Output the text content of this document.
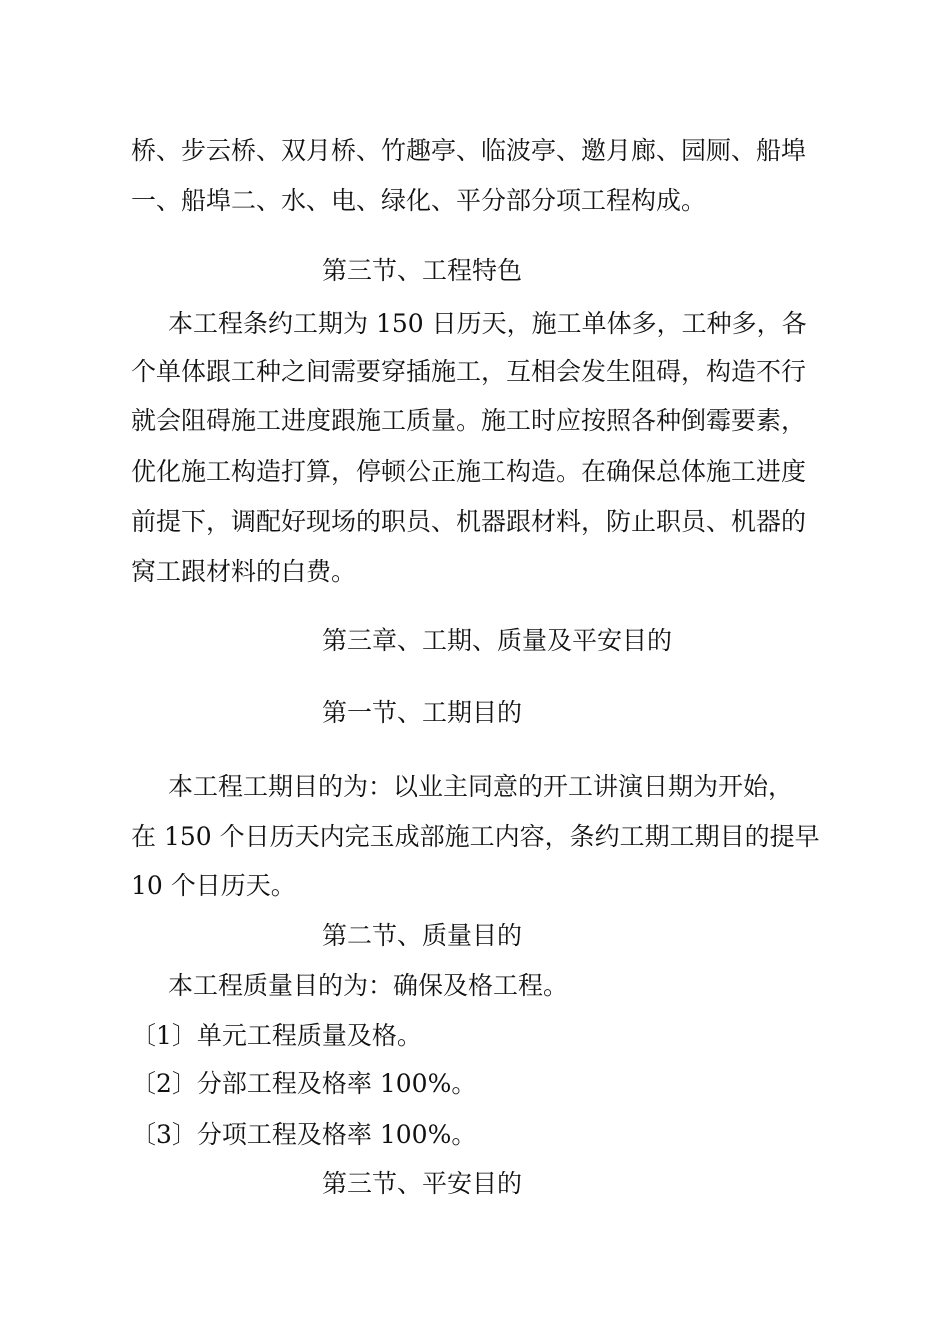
桥、步云桥、双月桥、竹趣亭、临波亭、邀月廊、园厕、船埠
一、船埠二、水、电、绿化、平分部分项工程构成。
第三节、工程特色
本工程条约工期为 150 日历天，施工单体多，工种多，各
个单体跟工种之间需要穿插施工，互相会发生阻碍，构造不行
就会阻碍施工进度跟施工质量。施工时应按照各种倒霉要素，
优化施工构造打算，停顿公正施工构造。在确保总体施工进度
前提下，调配好现场的职员、机器跟材料，防止职员、机器的
窝工跟材料的白费。
第三章、工期、质量及平安目的
第一节、工期目的
本工程工期目的为：以业主同意的开工讲演日期为开始，
在 150 个日历天内完玉成部施工内容，条约工期工期目的提早
10 个日历天。
第二节、质量目的
本工程质量目的为：确保及格工程。
〔1〕单元工程质量及格。
〔2〕分部工程及格率 100%。
〔3〕分项工程及格率 100%。
第三节、平安目的
